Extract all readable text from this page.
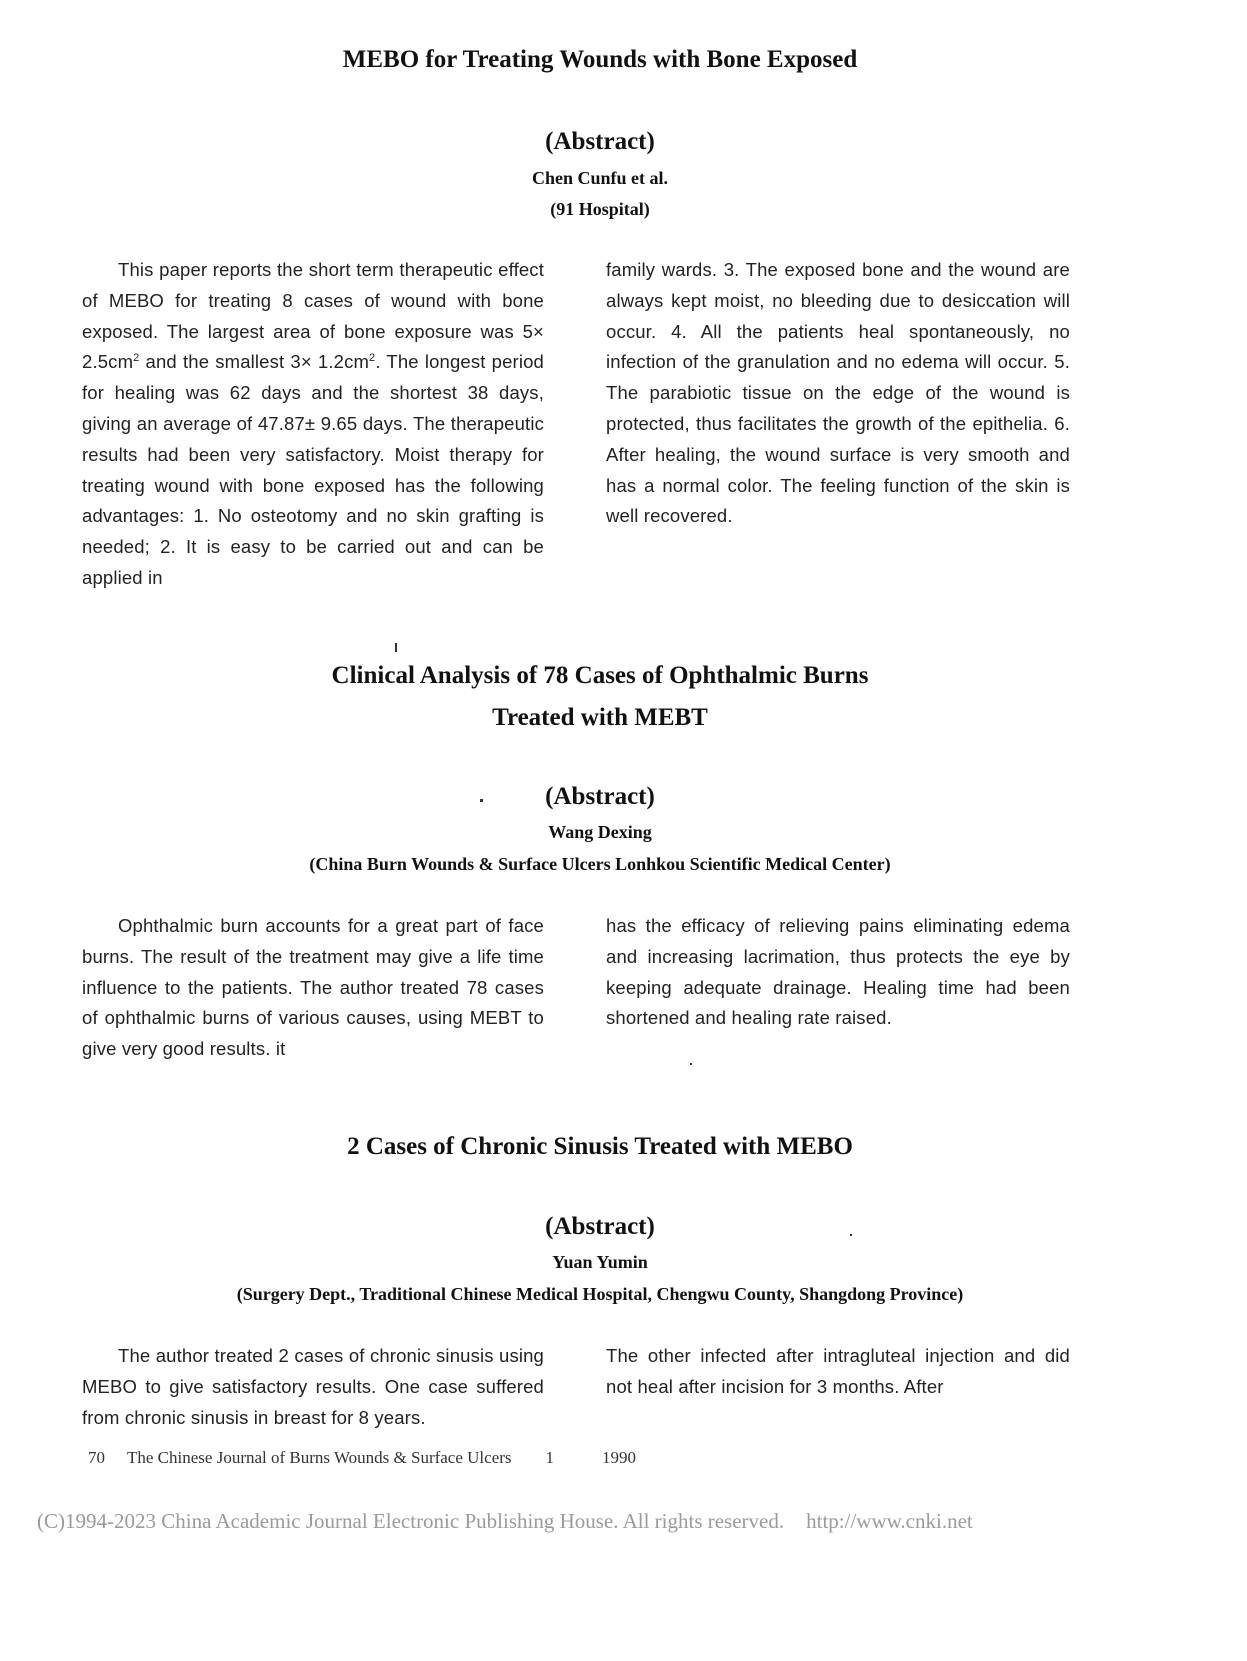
MEBO for Treating Wounds with Bone Exposed
(Abstract)
Chen Cunfu et al.
(91 Hospital)
This paper reports the short term therapeutic effect of MEBO for treating 8 cases of wound with bone exposed. The largest area of bone exposure was $5\times 2.5cm^2$ and the smallest $3\times 1.2cm^2$. The longest period for healing was 62 days and the shortest 38 days, giving an average of 47.87± 9.65 days. The therapeutic results had been very satisfactory. Moist therapy for treating wound with bone exposed has the following advantages: 1. No osteotomy and no skin grafting is needed; 2. It is easy to be carried out and can be applied in
family wards. 3. The exposed bone and the wound are always kept moist, no bleeding due to desiccation will occur. 4. All the patients heal spontaneously, no infection of the granulation and no edema will occur. 5. The parabiotic tissue on the edge of the wound is protected, thus facilitates the growth of the epithelia. 6. After healing, the wound surface is very smooth and has a normal color. The feeling function of the skin is well recovered.
Clinical Analysis of 78 Cases of Ophthalmic Burns
Treated with MEBT
(Abstract)
Wang Dexing
(China Burn Wounds & Surface Ulcers Lonhkou Scientific Medical Center)
Ophthalmic burn accounts for a great part of face burns. The result of the treatment may give a life time influence to the patients. The author treated 78 cases of ophthalmic burns of various causes, using MEBT to give very good results. it
has the efficacy of relieving pains eliminating edema and increasing lacrimation, thus protects the eye by keeping adequate drainage. Healing time had been shortened and healing rate raised.
2 Cases of Chronic Sinusis Treated with MEBO
(Abstract)
Yuan Yumin
(Surgery Dept., Traditional Chinese Medical Hospital, Chengwu County, Shangdong Province)
The author treated 2 cases of chronic sinusis using MEBO to give satisfactory results. One case suffered from chronic sinusis in breast for 8 years.
The other infected after intragluteal injection and did not heal after incision for 3 months. After
70 The Chinese Journal of Burns Wounds & Surface Ulcers 1	1990
(C)1994-2023 China Academic Journal Electronic Publishing House. All rights reserved. http://www.cnki.net
